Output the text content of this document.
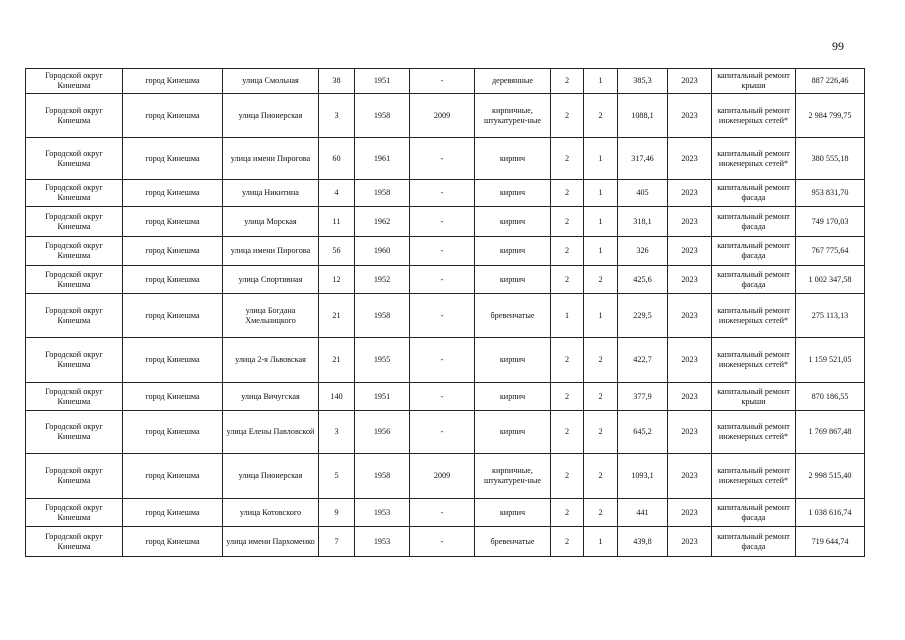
99
Городской округ Кинешма	город Кинешма	улица Смольная	38	1951	-	деревянные	2	1	385,3	2023	капитальный ремонт крыши	887 226,46
Городской округ Кинешма	город Кинешма	улица Пионерская	3	1958	2009	кирпичные, штукатурен-ные	2	2	1088,1	2023	капитальный ремонт инженерных сетей*	2 984 799,75
Городской округ Кинешма	город Кинешма	улица имени Пирогова	60	1961	-	кирпич	2	1	317,46	2023	капитальный ремонт инженерных сетей*	380 555,18
Городской округ Кинешма	город Кинешма	улица Никитина	4	1958	-	кирпич	2	1	405	2023	капитальный ремонт фасада	953 831,70
Городской округ Кинешма	город Кинешма	улица Морская	11	1962	-	кирпич	2	1	318,1	2023	капитальный ремонт фасада	749 170,03
Городской округ Кинешма	город Кинешма	улица имени Пирогова	56	1960	-	кирпич	2	1	326	2023	капитальный ремонт фасада	767 775,64
Городской округ Кинешма	город Кинешма	улица Спортивная	12	1952	-	кирпич	2	2	425,6	2023	капитальный ремонт фасада	1 002 347,58
Городской округ Кинешма	город Кинешма	улица Богдана Хмельницкого	21	1958	-	бревенчатые	1	1	229,5	2023	капитальный ремонт инженерных сетей*	275 113,13
Городской округ Кинешма	город Кинешма	улица 2-я Львовская	21	1955	-	кирпич	2	2	422,7	2023	капитальный ремонт инженерных сетей*	1 159 521,05
Городской округ Кинешма	город Кинешма	улица Вичугская	140	1951	-	кирпич	2	2	377,9	2023	капитальный ремонт крыши	870 186,55
Городской округ Кинешма	город Кинешма	улица Елены Павловской	3	1956	-	кирпич	2	2	645,2	2023	капитальный ремонт инженерных сетей*	1 769 867,48
Городской округ Кинешма	город Кинешма	улица Пионерская	5	1958	2009	кирпичные, штукатурен-ные	2	2	1093,1	2023	капитальный ремонт инженерных сетей*	2 998 515,40
Городской округ Кинешма	город Кинешма	улица Котовского	9	1953	-	кирпич	2	2	441	2023	капитальный ремонт фасада	1 038 616,74
Городской округ Кинешма	город Кинешма	улица имени Пархоменко	7	1953	-	бревенчатые	2	1	439,8	2023	капитальный ремонт фасада	719 644,74
